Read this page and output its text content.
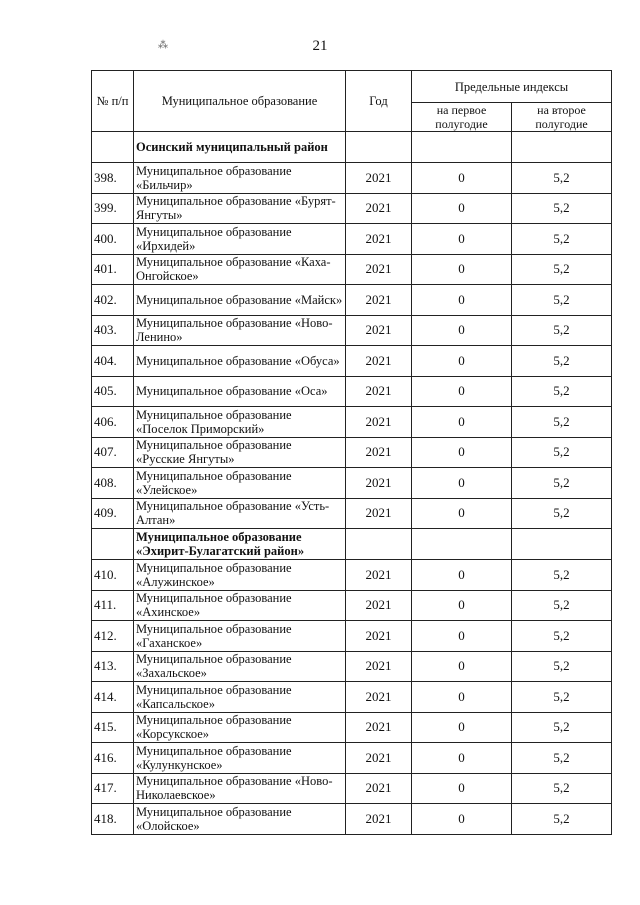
21
⁂
№ п/п	Муниципальное образование	Год	Предельные индексы	
			на первое полугодие	на второе полугодие
	Осинский муниципальный район			
398.	Муниципальное образование «Бильчир»	2021	0	5,2
399.	Муниципальное образование «Бурят-Янгуты»	2021	0	5,2
400.	Муниципальное образование «Ирхидей»	2021	0	5,2
401.	Муниципальное образование «Каха-Онгойское»	2021	0	5,2
402.	Муниципальное образование «Майск»	2021	0	5,2
403.	Муниципальное образование «Ново-Ленино»	2021	0	5,2
404.	Муниципальное образование «Обуса»	2021	0	5,2
405.	Муниципальное образование «Оса»	2021	0	5,2
406.	Муниципальное образование «Поселок Приморский»	2021	0	5,2
407.	Муниципальное образование «Русские Янгуты»	2021	0	5,2
408.	Муниципальное образование «Улейское»	2021	0	5,2
409.	Муниципальное образование «Усть-Алтан»	2021	0	5,2
	Муниципальное образование «Эхирит-Булагатский район»			
410.	Муниципальное образование «Алужинское»	2021	0	5,2
411.	Муниципальное образование «Ахинское»	2021	0	5,2
412.	Муниципальное образование «Гаханское»	2021	0	5,2
413.	Муниципальное образование «Захальское»	2021	0	5,2
414.	Муниципальное образование «Капсальское»	2021	0	5,2
415.	Муниципальное образование «Корсукское»	2021	0	5,2
416.	Муниципальное образование «Кулункунское»	2021	0	5,2
417.	Муниципальное образование «Ново-Николаевское»	2021	0	5,2
418.	Муниципальное образование «Олойское»	2021	0	5,2
